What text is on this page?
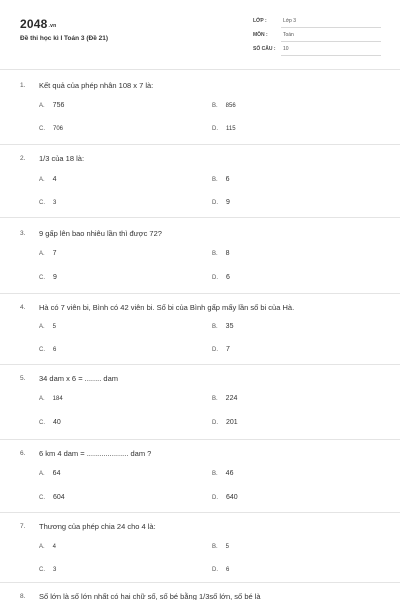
2048.vn
Đề thi học kì I Toán 3 (Đề 21)
LỚP :	Lớp 3
MÔN :	Toán
SỐ CÂU : 10
1. Kết quả của phép nhân 108 x 7 là:
A. 756	B. 856
C. 706	D. 115
2. 1/3 của 18 là:
A. 4	B. 6
C. 3	D. 9
3. 9 gấp lên bao nhiêu lần thì được 72?
A. 7	B. 8
C. 9	D. 6
4. Hà có 7 viên bi, Bình có 42 viên bi. Số bi của Bình gấp mấy lần số bi của Hà.
A. 5	B. 35
C. 6	D. 7
5. 34 dam x 6 = ........ dam
A. 184	B. 224
C. 40	D. 201
6. 6 km 4 dam = .................... dam ?
A. 64	B. 46
C. 604	D. 640
7. Thương của phép chia 24 cho 4 là:
A. 4	B. 5
C. 3	D. 6
8. Số lớn là số lớn nhất có hai chữ số, số bé bằng 1/3số lớn, số bé là
